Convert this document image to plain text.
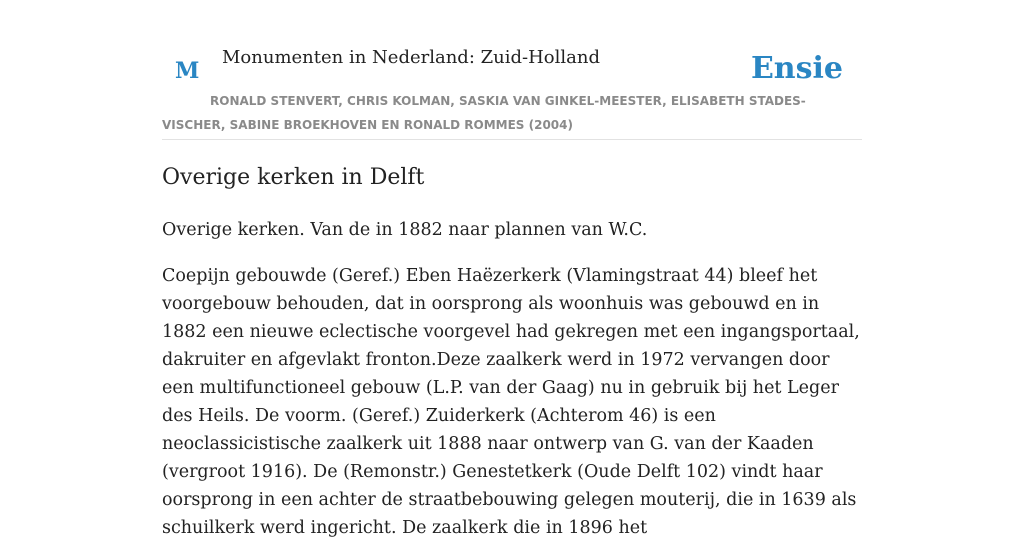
M
Monumenten in Nederland: Zuid-Holland	Ensie

RONALD STENVERT, CHRIS KOLMAN, SASKIA VAN GINKEL-MEESTER, ELISABETH STADES-VISCHER, SABINE BROEKHOVEN EN RONALD ROMMES (2004)

Overige kerken in Delft

Overige kerken. Van de in 1882 naar plannen van W.C.

Coepijn gebouwde (Geref.) Eben Haëzerkerk (Vlamingstraat 44) bleef het voorgebouw behouden, dat in oorsprong als woonhuis was gebouwd en in 1882 een nieuwe eclectische voorgevel had gekregen met een ingangsportaal, dakruiter en afgevlakt fronton.Deze zaalkerk werd in 1972 vervangen door een multifunctioneel gebouw (L.P. van der Gaag) nu in gebruik bij het Leger des Heils. De voorm. (Geref.) Zuiderkerk (Achterom 46) is een neoclassicistische zaalkerk uit 1888 naar ontwerp van G. van der Kaaden (vergroot 1916). De (Remonstr.) Genestetkerk (Oude Delft 102) vindt haar oorsprong in een achter de straatbebouwing gelegen mouterij, die in 1639 als schuilkerk werd ingericht. De zaalkerk die in 1896 het
